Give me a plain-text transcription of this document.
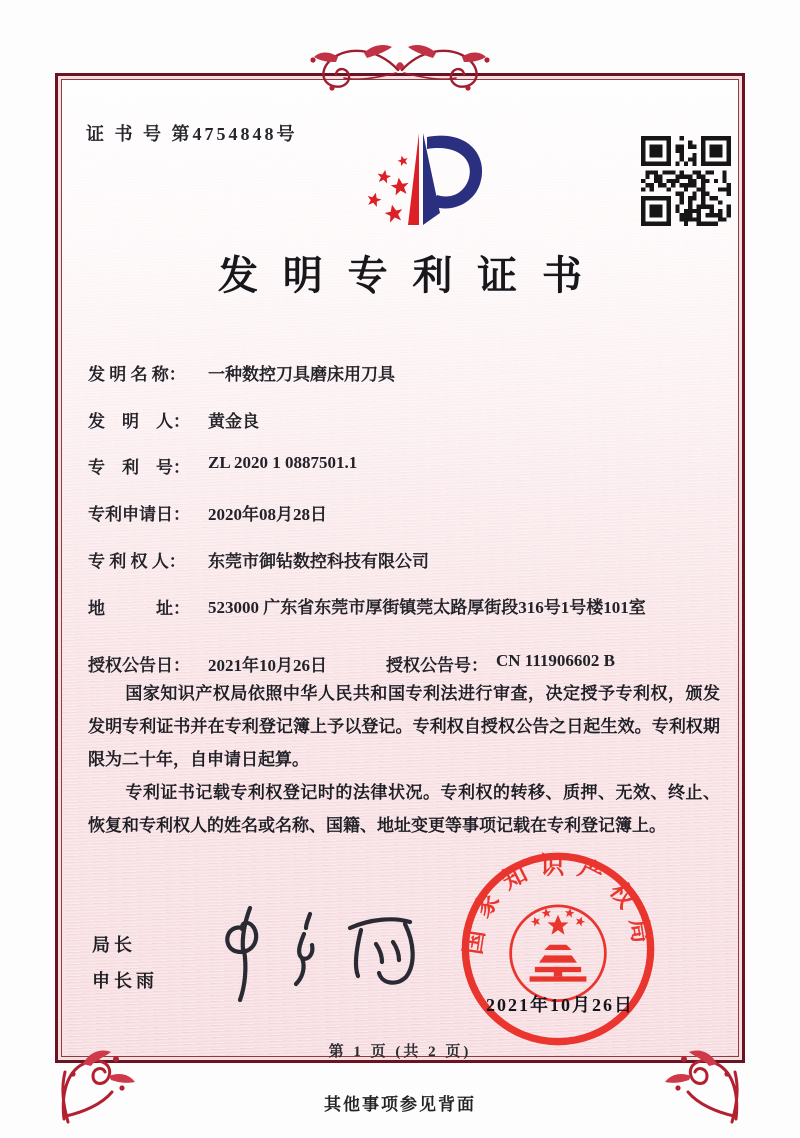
证 书 号 第4754848号
发明专利证书
发 明 名 称： 一种数控刀具磨床用刀具
发　明　人： 黄金良
专　利　号： ZL 2020 1 0887501.1
专利申请日： 2020年08月28日
专 利 权 人： 东莞市御钻数控科技有限公司
地　　　址： 523000 广东省东莞市厚街镇莞太路厚街段316号1号楼101室
授权公告日： 2021年10月26日	授权公告号： CN 111906602 B

国家知识产权局依照中华人民共和国专利法进行审查，决定授予专利权，颁发发明专利证书并在专利登记簿上予以登记。专利权自授权公告之日起生效。专利权期限为二十年，自申请日起算。

专利证书记载专利权登记时的法律状况。专利权的转移、质押、无效、终止、恢复和专利权人的姓名或名称、国籍、地址变更等事项记载在专利登记簿上。

局长
申长雨
国家知识产权局
2021年10月26日
第 1 页 (共 2 页)
其他事项参见背面
